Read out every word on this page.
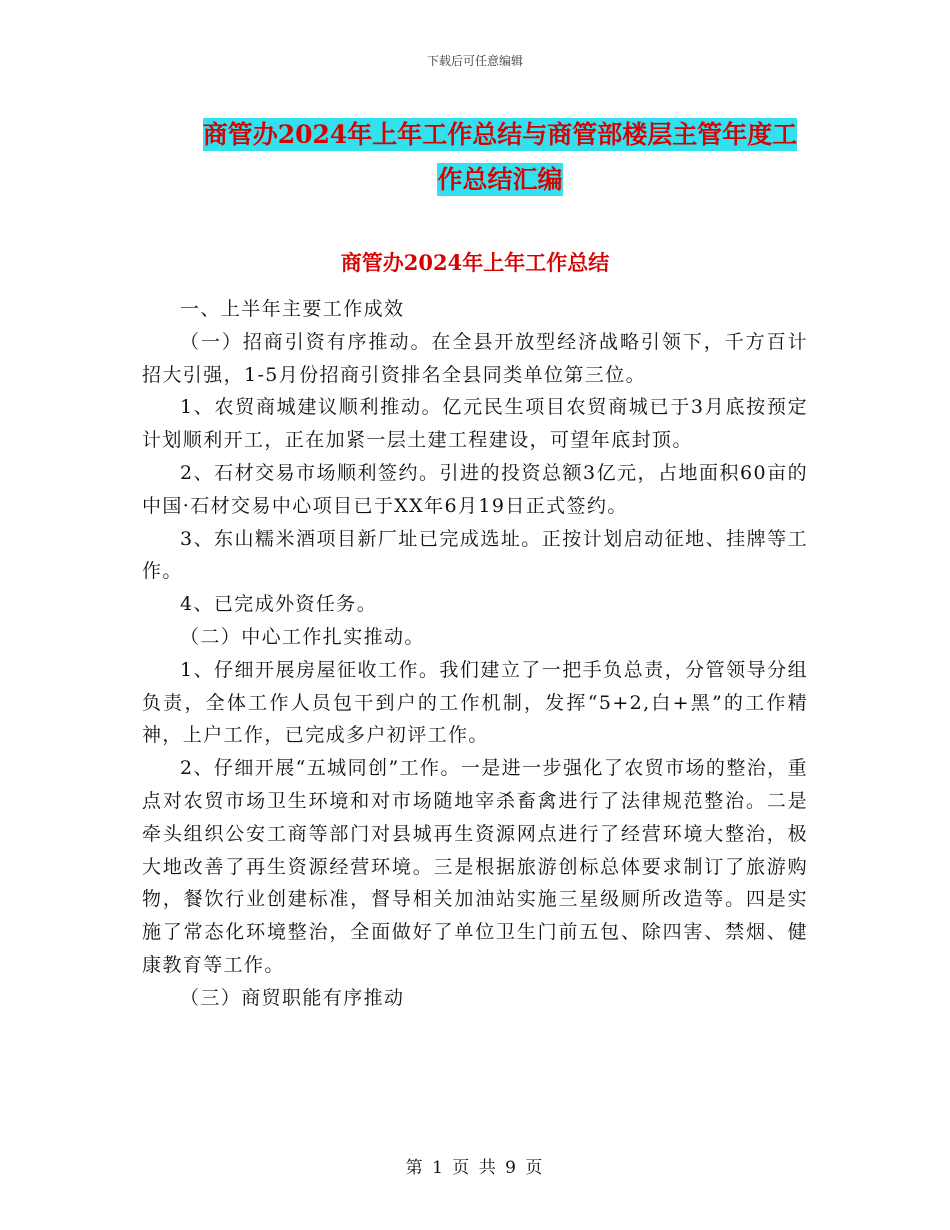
下载后可任意编辑
商管办2024年上年工作总结与商管部楼层主管年度工
作总结汇编
商管办2024年上年工作总结

一、上半年主要工作成效

（一）招商引资有序推动。在全县开放型经济战略引领下，千方百计招大引强，1-5月份招商引资排名全县同类单位第三位。

1、农贸商城建议顺利推动。亿元民生项目农贸商城已于3月底按预定计划顺利开工，正在加紧一层土建工程建设，可望年底封顶。

2、石材交易市场顺利签约。引进的投资总额3亿元，占地面积60亩的中国·石材交易中心项目已于XX年6月19日正式签约。

3、东山糯米酒项目新厂址已完成选址。正按计划启动征地、挂牌等工作。

4、已完成外资任务。

（二）中心工作扎实推动。

1、仔细开展房屋征收工作。我们建立了一把手负总责，分管领导分组负责，全体工作人员包干到户的工作机制，发挥“5+2,白+黑”的工作精神，上户工作，已完成多户初评工作。

2、仔细开展“五城同创”工作。一是进一步强化了农贸市场的整治，重点对农贸市场卫生环境和对市场随地宰杀畜禽进行了法律规范整治。二是牵头组织公安工商等部门对县城再生资源网点进行了经营环境大整治，极大地改善了再生资源经营环境。三是根据旅游创标总体要求制订了旅游购物，餐饮行业创建标准，督导相关加油站实施三星级厕所改造等。四是实施了常态化环境整治，全面做好了单位卫生门前五包、除四害、禁烟、健康教育等工作。

（三）商贸职能有序推动

第 1 页 共 9 页
